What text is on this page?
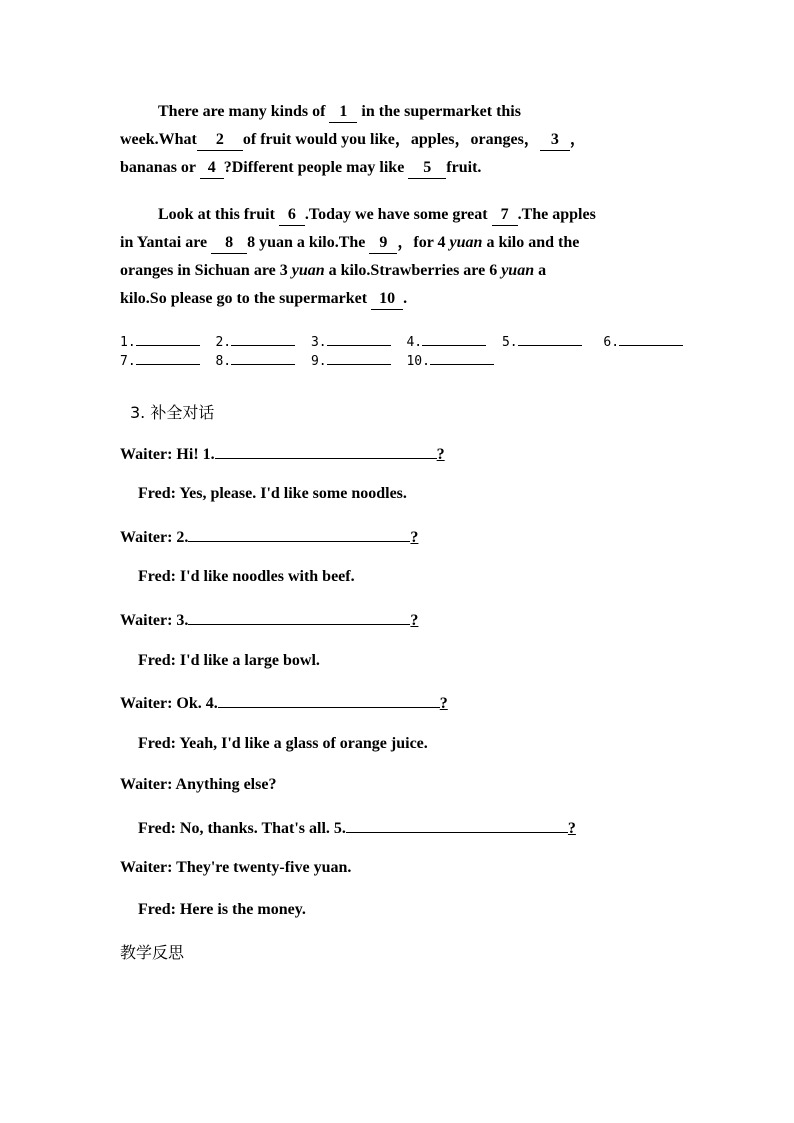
There are many kinds of 1 in the supermarket this
week.What 2 of fruit would you like，apples，oranges， 3 ，
bananas or 4 ?Different people may like 5 fruit.
Look at this fruit 6 .Today we have some great 7 .The apples
in Yantai are 8 8 yuan a kilo.The 9 ，for 4 yuan a kilo and the
oranges in Sichuan are 3 yuan a kilo.Strawberries are 6 yuan a
kilo.So please go to the supermarket 10 .
1.	2.	3.	4.	5.	6.
7.	8.	9.	10.
3. 补全对话
Waiter: Hi! 1.	?
Fred: Yes, please. I'd like some noodles.
Waiter: 2.	?
Fred: I'd like noodles with beef.
Waiter: 3.	?
Fred: I'd like a large bowl.
Waiter: Ok. 4.	?
Fred: Yeah, I'd like a glass of orange juice.
Waiter: Anything else?
Fred: No, thanks. That's all. 5.	?
Waiter: They're twenty-five yuan.
Fred: Here is the money.
教学反思
